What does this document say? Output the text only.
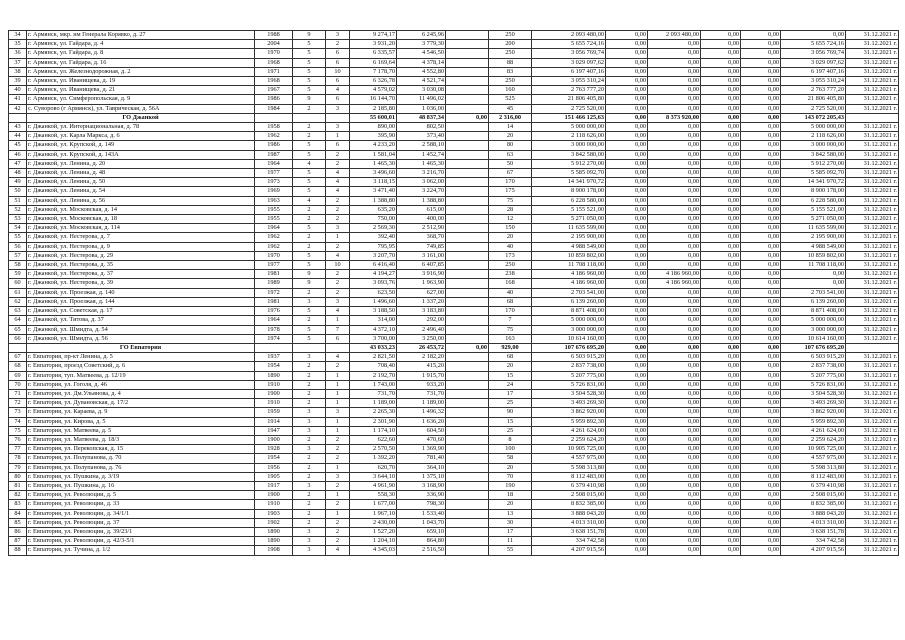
34	г. Армянск, мкр. им Генерала Корявко, д. 27	1988	9	3	9 274,17	6 245,96		250	2 093 480,00	0,00	2 093 480,00	0,00	0,00	0,00	31.12.2021 г.
35	г. Армянск, ул. Гайдара, д. 4	2004	5	2	3 931,20	3 779,30		200	5 655 724,16	0,00	0,00	0,00	0,00	5 655 724,16	31.12.2021 г.
36	г. Армянск, ул. Гайдара, д. 8	1970	5	6	6 335,57	4 546,50		250	3 056 769,74	0,00	0,00	0,00	0,00	3 056 769,74	31.12.2021 г.
37	г. Армянск, ул. Гайдара, д. 16	1968	5	6	6 169,64	4 378,14		88	3 029 097,62	0,00	0,00	0,00	0,00	3 029 097,62	31.12.2021 г.
38	г. Армянск, ул. Железнодорожная, д. 2	1971	5	10	7 178,70	4 552,80		83	6 197 407,16	0,00	0,00	0,00	0,00	6 197 407,16	31.12.2021 г.
39	г. Армянск, ул. Иванищева, д. 19	1968	5	6	6 326,78	4 521,74		250	3 055 310,24	0,00	0,00	0,00	0,00	3 055 310,24	31.12.2021 г.
40	г. Армянск, ул. Иванищева, д. 21	1967	5	4	4 579,02	3 030,08		160	2 763 777,20	0,00	0,00	0,00	0,00	2 763 777,20	31.12.2021 г.
41	г. Армянск, ул. Симферопольская, д. 9	1986	9	6	16 144,70	11 496,02		525	21 806 405,80	0,00	0,00	0,00	0,00	21 806 405,80	31.12.2021 г.
42	с. Суворово (г Армянск), ул. Таврическая, д. 56А	1984	2	3	2 185,80	1 036,00		45	2 725 520,00	0,00	0,00	0,00	0,00	2 725 520,00	31.12.2021 г.
	ГО Джанкой				55 600,01	48 837,34	0,00	2 316,00	151 466 125,63	0,00	8 373 920,00	0,00	0,00	143 072 205,43	
43	г. Джанкой, ул. Интернациональная, д. 78	1958	2	3	890,00	802,50		14	5 000 000,00	0,00	0,00	0,00	0,00	5 000 000,00	31.12.2021 г.
44	г. Джанкой, ул. Карла Маркса, д. 6	1962	2	1	395,90	373,40		20	2 118 626,00	0,00	0,00	0,00	0,00	2 118 626,00	31.12.2021 г.
45	г. Джанкой, ул. Крупской, д. 149	1986	5	6	4 233,20	2 588,10		80	3 000 000,00	0,00	0,00	0,00	0,00	3 000 000,00	31.12.2021 г.
46	г. Джанкой, ул. Крупской, д. 143А	1987	5	2	1 581,04	1 452,74		63	3 842 580,00	0,00	0,00	0,00	0,00	3 842 580,00	31.12.2021 г.
47	г. Джанкой, ул. Ленина, д. 20	1964	4	2	1 465,30	1 465,30		50	5 912 270,00	0,00	0,00	0,00	0,00	5 912 270,00	31.12.2021 г.
48	г. Джанкой, ул. Ленина, д. 48	1977	5	4	3 496,60	3 216,70		67	5 585 092,70	0,00	0,00	0,00	0,00	5 585 092,70	31.12.2021 г.
49	г. Джанкой, ул. Ленина, д. 50	1973	5	4	3 118,15	3 062,00		170	14 341 970,72	0,00	0,00	0,00	0,00	14 341 970,72	31.12.2021 г.
50	г. Джанкой, ул. Ленина, д. 54	1969	5	4	3 471,40	3 224,70		175	8 900 178,00	0,00	0,00	0,00	0,00	8 900 178,00	31.12.2021 г.
51	г. Джанкой, ул. Ленина, д. 56	1963	4	2	1 388,80	1 388,80		75	6 228 580,00	0,00	0,00	0,00	0,00	6 228 580,00	31.12.2021 г.
52	г. Джанкой, ул. Московская, д. 14	1955	2	2	635,20	615,00		28	5 155 521,00	0,00	0,00	0,00	0,00	5 155 521,00	31.12.2021 г.
53	г. Джанкой, ул. Московская, д. 18	1955	2	2	750,00	400,00		12	5 271 050,00	0,00	0,00	0,00	0,00	5 271 050,00	31.12.2021 г.
54	г. Джанкой, ул. Московская, д. 114	1964	5	3	2 569,30	2 512,90		150	11 635 599,00	0,00	0,00	0,00	0,00	11 635 599,00	31.12.2021 г.
55	г. Джанкой, ул. Нестерова, д. 7	1962	2	1	392,40	368,70		20	2 195 900,00	0,00	0,00	0,00	0,00	2 195 900,00	31.12.2021 г.
56	г. Джанкой, ул. Нестерова, д. 9	1962	2	2	795,95	749,85		40	4 988 549,00	0,00	0,00	0,00	0,00	4 988 549,00	31.12.2021 г.
57	г. Джанкой, ул. Нестерова, д. 29	1970	5	4	3 207,70	3 161,00		173	10 859 802,00	0,00	0,00	0,00	0,00	10 859 802,00	31.12.2021 г.
58	г. Джанкой, ул. Нестерова, д. 35	1977	5	10	6 416,40	6 407,85		250	11 708 118,00	0,00	0,00	0,00	0,00	11 708 118,00	31.12.2021 г.
59	г. Джанкой, ул. Нестерова, д. 37	1981	9	2	4 194,27	3 916,90		238	4 186 960,00	0,00	4 186 960,00	0,00	0,00	0,00	31.12.2021 г.
60	г. Джанкой, ул. Нестерова, д. 39	1989	9	2	3 093,76	1 963,90		168	4 186 960,00	0,00	4 186 960,00	0,00	0,00	0,00	31.12.2021 г.
61	г. Джанкой, ул. Проезжая, д. 140	1972	2	2	623,50	627,00		40	2 703 541,00	0,00	0,00	0,00	0,00	2 703 541,00	31.12.2021 г.
62	г. Джанкой, ул. Проезжая, д. 144	1981	3	3	1 496,60	1 337,20		68	6 139 260,00	0,00	0,00	0,00	0,00	6 139 260,00	31.12.2021 г.
63	г. Джанкой, ул. Советская, д. 17	1976	5	4	3 188,50	3 183,80		170	8 871 408,00	0,00	0,00	0,00	0,00	8 871 408,00	31.12.2021 г.
64	г. Джанкой, ул. Титова, д. 37	1964	2	1	314,00	292,00		7	5 000 000,00	0,00	0,00	0,00	0,00	5 000 000,00	31.12.2021 г.
65	г. Джанкой, ул. Шмидта, д. 54	1978	5	7	4 372,10	2 496,40		75	3 000 000,00	0,00	0,00	0,00	0,00	3 000 000,00	31.12.2021 г.
66	г. Джанкой, ул. Шмидта, д. 56	1974	5	6	3 700,00	3 250,00		163	10 614 160,00	0,00	0,00	0,00	0,00	10 614 160,00	31.12.2021 г.
	ГО Евпатория				43 033,23	26 453,72	0,00	929,00	107 676 695,20	0,00	0,00	0,00	0,00	107 676 695,20	
67	г. Евпатория, пр-кт Ленина, д. 5	1937	3	4	2 821,50	2 182,20		68	6 503 915,20	0,00	0,00	0,00	0,00	6 503 915,20	31.12.2021 г.
68	г. Евпатория, проезд Советский, д. 6	1954	2	2	708,40	415,20		20	2 837 738,00	0,00	0,00	0,00	0,00	2 837 738,00	31.12.2021 г.
69	г. Евпатория, туп. Матвеева, д. 12/19	1890	2	1	2 192,70	1 915,70		15	5 207 775,00	0,00	0,00	0,00	0,00	5 207 775,00	31.12.2021 г.
70	г. Евпатория, ул. Гоголя, д. 46	1910	2	1	1 743,00	933,20		24	5 726 831,00	0,00	0,00	0,00	0,00	5 726 831,00	31.12.2021 г.
71	г. Евпатория, ул. Дм.Ульянова, д. 4	1900	2	1	731,70	731,70		17	3 504 528,30	0,00	0,00	0,00	0,00	3 504 528,30	31.12.2021 г.
72	г. Евпатория, ул. Дувановская, д. 17/2	1910	2	1	1 189,00	1 189,00		25	3 493 269,30	0,00	0,00	0,00	0,00	3 493 269,30	31.12.2021 г.
73	г. Евпатория, ул. Караева, д. 9	1959	3	3	2 265,30	1 496,32		90	3 862 920,00	0,00	0,00	0,00	0,00	3 862 920,00	31.12.2021 г.
74	г. Евпатория, ул. Кирова, д. 5	1914	3	1	2 301,90	1 636,20		15	5 959 892,30	0,00	0,00	0,00	0,00	5 959 892,30	31.12.2021 г.
75	г. Евпатория, ул. Матвеева, д. 5	1947	3	1	1 174,10	604,50		25	4 261 624,00	0,00	0,00	0,00	0,00	4 261 624,00	31.12.2021 г.
76	г. Евпатория, ул. Матвеева, д. 18/3	1900	2	2	622,60	470,60		8	2 259 624,20	0,00	0,00	0,00	0,00	2 259 624,20	31.12.2021 г.
77	г. Евпатория, ул. Перекопская, д. 15	1928	3	2	2 570,50	1 369,90		100	10 905 725,00	0,00	0,00	0,00	0,00	10 905 725,00	31.12.2021 г.
78	г. Евпатория, ул. Полупанова, д. 70	1954	2	2	1 392,20	781,40		58	4 557 975,00	0,00	0,00	0,00	0,00	4 557 975,00	31.12.2021 г.
79	г. Евпатория, ул. Полупанова, д. 76	1956	2	1	620,70	364,10		20	5 598 313,80	0,00	0,00	0,00	0,00	5 598 313,80	31.12.2021 г.
80	г. Евпатория, ул. Пушкина, д. 3/19	1905	2	3	3 644,10	1 375,10		70	8 112 483,00	0,00	0,00	0,00	0,00	8 112 483,00	31.12.2021 г.
81	г. Евпатория, ул. Пушкина, д. 16	1917	3	2	4 961,90	3 168,90		190	6 379 410,98	0,00	0,00	0,00	0,00	6 379 410,98	31.12.2021 г.
82	г. Евпатория, ул. Революции, д. 5	1900	2	1	558,30	336,90		18	2 508 015,00	0,00	0,00	0,00	0,00	2 508 015,00	31.12.2021 г.
83	г. Евпатория, ул. Революции, д. 33	1910	2	2	1 677,00	798,30		20	8 832 385,00	0,00	0,00	0,00	0,00	8 832 385,00	31.12.2021 г.
84	г. Евпатория, ул. Революции, д. 34/1/1	1903	2	1	1 967,10	1 533,40		13	3 888 043,20	0,00	0,00	0,00	0,00	3 888 043,20	31.12.2021 г.
85	г. Евпатория, ул. Революции, д. 37	1902	2	2	2 430,00	1 043,70		30	4 013 310,00	0,00	0,00	0,00	0,00	4 013 310,00	31.12.2021 г.
86	г. Евпатория, ул. Революции, д. 39/23/1	1890	3	2	1 527,20	659,10		17	3 638 151,78	0,00	0,00	0,00	0,00	3 638 151,78	31.12.2021 г.
87	г. Евпатория, ул. Революции, д. 42/3-5/1	1890	3	2	1 204,10	864,80		11	334 742,58	0,00	0,00	0,00	0,00	334 742,58	31.12.2021 г.
88	г. Евпатория, ул. Тучина, д. 1/2	1908	3	4	4 345,03	2 516,50		55	4 207 915,56	0,00	0,00	0,00	0,00	4 207 915,56	31.12.2021 г.
